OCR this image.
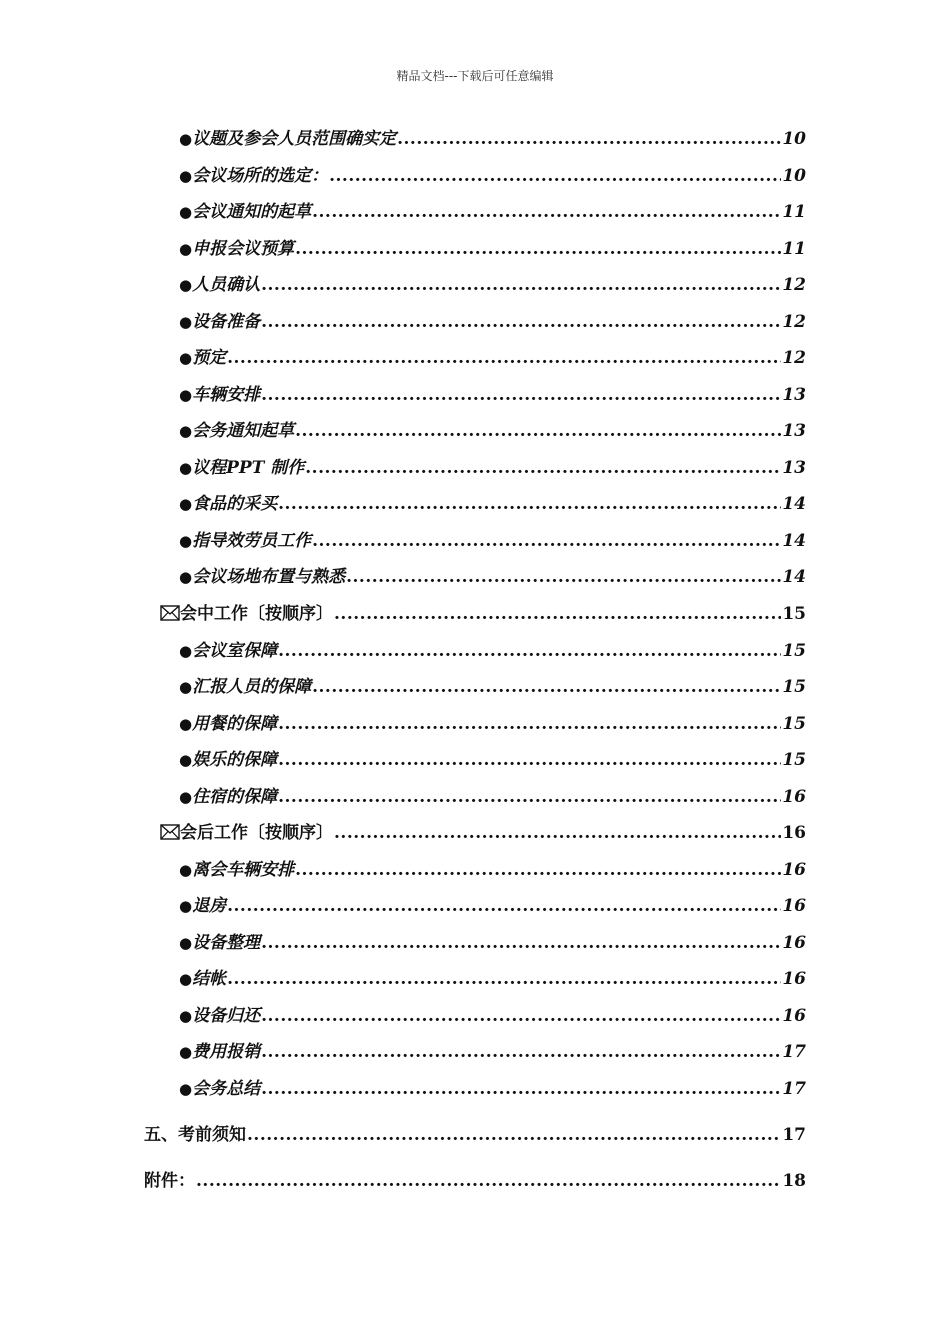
精品文档---下载后可任意编辑
● 议题及参会人员范围确实定 .....	10
● 会议场所的选定： .....	10
● 会议通知的起草 .....	11
● 申报会议预算 .....	11
● 人员确认 .....	12
● 设备准备 .....	12
● 预定 .....	12
● 车辆安排 .....	13
● 会务通知起草 .....	13
● 议程PPT 制作 .....	13
● 食品的采买 .....	14
● 指导效劳员工作 .....	14
● 会议场地布置与熟悉 .....	14
会中工作〔按顺序〕 .....	15
● 会议室保障 .....	15
● 汇报人员的保障 .....	15
● 用餐的保障 .....	15
● 娱乐的保障 .....	15
● 住宿的保障 .....	16
会后工作〔按顺序〕 .....	16
● 离会车辆安排 .....	16
● 退房 .....	16
● 设备整理 .....	16
● 结帐 .....	16
● 设备归还 .....	16
● 费用报销 .....	17
● 会务总结 .....	17
五、考前须知 .....	17
附件： .....	18
